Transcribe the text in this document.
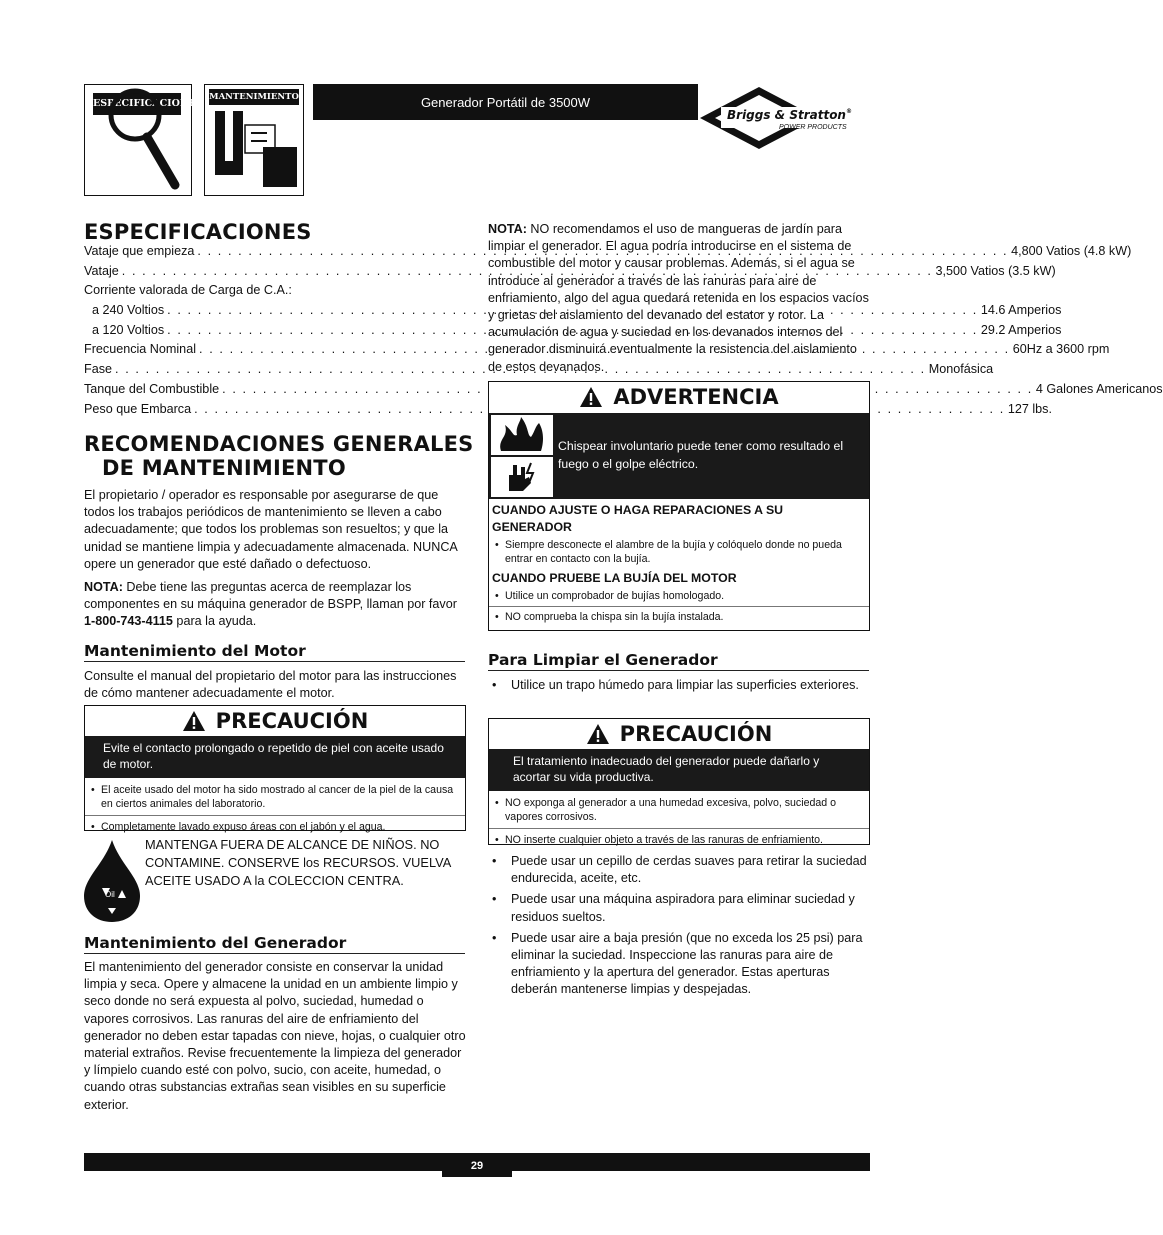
ESPECIFICACIONES
MANTENIMIENTO	Generador Portátil de 3500W
Briggs & Stratton®
POWER PRODUCTS
ESPECIFICACIONES
Vataje que empieza . . .	4,800 Vatios (4.8 kW)
Vataje . . .	3,500 Vatios (3.5 kW)
Corriente valorada de Carga de C.A.:
a 240 Voltios . . .	14.6 Amperios
a 120 Voltios . . .	29.2 Amperios
Frecuencia Nominal . . .	60Hz a 3600 rpm
Fase . . .	Monofásica
Tanque del Combustible . . .	4 Galones Americanos
Peso que Embarca . . .	127 lbs.
RECOMENDACIONES GENERALES
DE MANTENIMIENTO

El propietario / operador es responsable por asegurarse de que todos los trabajos periódicos de mantenimiento se lleven a cabo adecuadamente; que todos los problemas son resueltos; y que la unidad se mantiene limpia y adecuadamente almacenada. NUNCA opere un generador que esté dañado o defectuoso.

NOTA: Debe tiene las preguntas acerca de reemplazar los componentes en su máquina generador de BSPP, llaman por favor 1-800-743-4115 para la ayuda.

Mantenimiento del Motor
Consulte el manual del propietario del motor para las instrucciones de cómo mantener adecuadamente el motor.
PRECAUCIÓN
Evite el contacto prolongado o repetido de piel con aceite usado de motor.
• El aceite usado del motor ha sido mostrado al cancer de la piel de la causa en ciertos animales del laboratorio.
• Completamente lavado expuso áreas con el jabón y el agua.
Oil
MANTENGA FUERA DE ALCANCE DE NIÑOS. NO CONTAMINE. CONSERVE los RECURSOS. VUELVA ACEITE USADO A la COLECCION CENTRA.
Mantenimiento del Generador
El mantenimiento del generador consiste en conservar la unidad limpia y seca. Opere y almacene la unidad en un ambiente limpio y seco donde no será expuesta al polvo, suciedad, humedad o vapores corrosivos. Las ranuras del aire de enfriamiento del generador no deben estar tapadas con nieve, hojas, o cualquier otro material extraños. Revise frecuentemente la limpieza del generador y límpielo cuando esté con polvo, sucio, con aceite, humedad, o cuando otras substancias extrañas sean visibles en su superficie exterior.
NOTA: NO recomendamos el uso de mangueras de jardín para limpiar el generador. El agua podría introducirse en el sistema de combustible del motor y causar problemas. Además, si el agua se introduce al generador a través de las ranuras para aire de enfriamiento, algo del agua quedará retenida en los espacios vacíos y grietas del aislamiento del devanado del estator y rotor. La acumulación de agua y suciedad en los devanados internos del generador disminuirá eventualmente la resistencia del aislamiento de estos devanados.
ADVERTENCIA
Chispear involuntario puede tener como resultado el fuego o el golpe eléctrico.
CUANDO AJUSTE O HAGA REPARACIONES A SU GENERADOR
• Siempre desconecte el alambre de la bujía y colóquelo donde no pueda entrar en contacto con la bujía.
CUANDO PRUEBE LA BUJÍA DEL MOTOR
• Utilice un comprobador de bujías homologado.
• NO comprueba la chispa sin la bujía instalada.
Para Limpiar el Generador
• Utilice un trapo húmedo para limpiar las superficies exteriores.
PRECAUCIÓN
El tratamiento inadecuado del generador puede dañarlo y acortar su vida productiva.
• NO exponga al generador a una humedad excesiva, polvo, suciedad o vapores corrosivos.
• NO inserte cualquier objeto a través de las ranuras de enfriamiento.
• Puede usar un cepillo de cerdas suaves para retirar la suciedad endurecida, aceite, etc.
• Puede usar una máquina aspiradora para eliminar suciedad y residuos sueltos.
• Puede usar aire a baja presión (que no exceda los 25 psi) para eliminar la suciedad. Inspeccione las ranuras para aire de enfriamiento y la apertura del generador. Estas aperturas deberán mantenerse limpias y despejadas.
29
